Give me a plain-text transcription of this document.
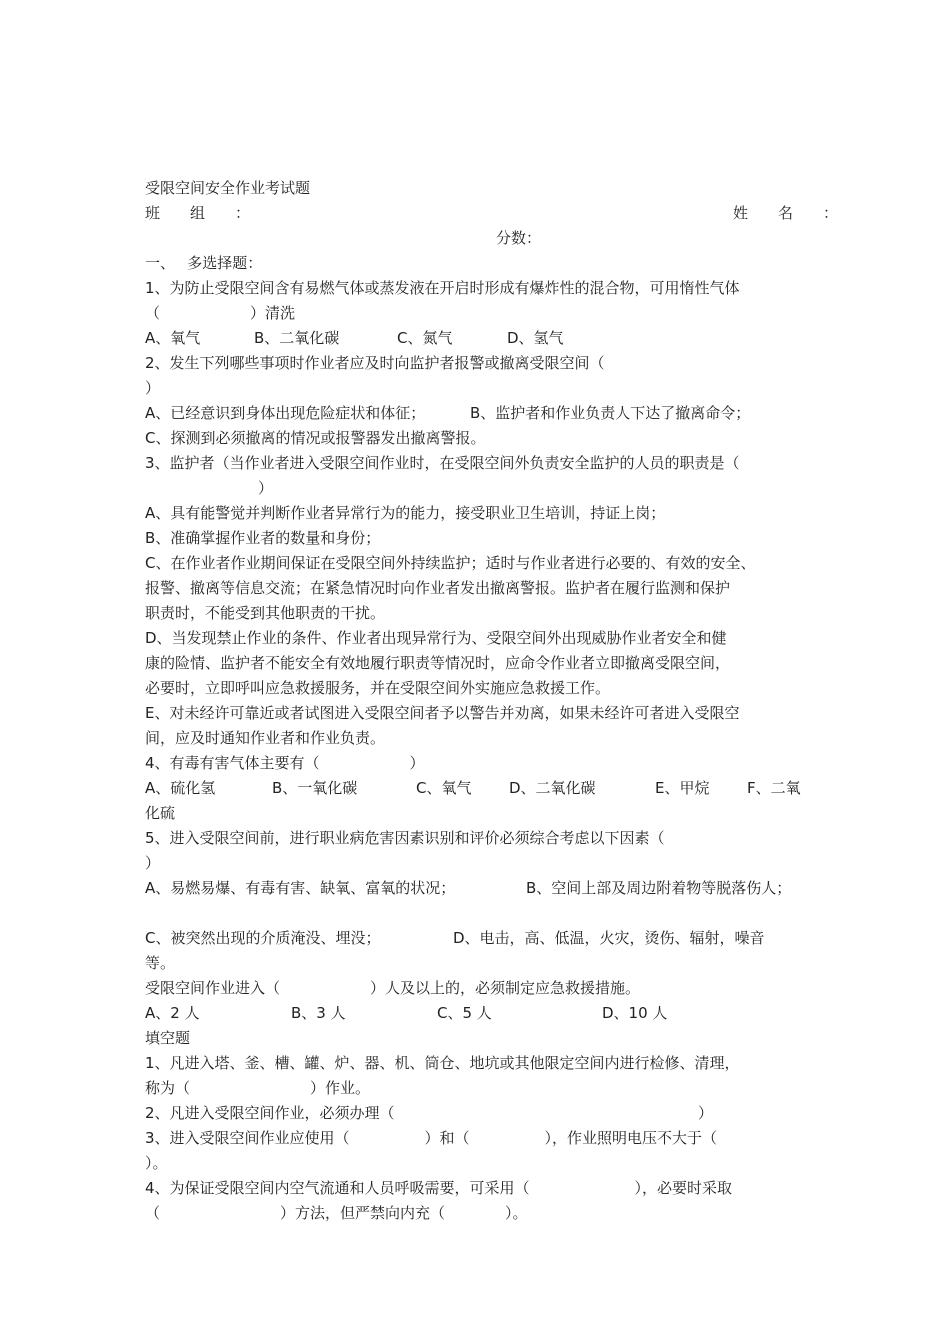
受限空间安全作业考试题
班　　组　　：	姓　　名　　：
分数：
一、　 多选择题：
1、为防止受限空间含有易燃气体或蒸发液在开启时形成有爆炸性的混合物，可用惰性气体
（　　　　　　）清洗
A、氧气	B、二氧化碳	C、氮气	D、氢气
2、发生下列哪些事项时作业者应及时向监护者报警或撤离受限空间（
）
A、已经意识到身体出现危险症状和体征；	B、监护者和作业负责人下达了撤离命令；
C、探测到必须撤离的情况或报警器发出撤离警报。
3、监护者（当作业者进入受限空间作业时，在受限空间外负责安全监护的人员的职责是（
）
A、具有能警觉并判断作业者异常行为的能力，接受职业卫生培训，持证上岗；
B、准确掌握作业者的数量和身份；
C、在作业者作业期间保证在受限空间外持续监护；适时与作业者进行必要的、有效的安全、
报警、撤离等信息交流；在紧急情况时向作业者发出撤离警报。监护者在履行监测和保护
职责时，不能受到其他职责的干扰。
D、当发现禁止作业的条件、作业者出现异常行为、受限空间外出现威胁作业者安全和健
康的险情、监护者不能安全有效地履行职责等情况时，应命令作业者立即撤离受限空间，
必要时，立即呼叫应急救援服务，并在受限空间外实施应急救援工作。
E、对未经许可靠近或者试图进入受限空间者予以警告并劝离，如果未经许可者进入受限空
间，应及时通知作业者和作业负责。
4、有毒有害气体主要有（　　　　　　）
A、硫化氢	B、一氧化碳	C、氧气	D、二氧化碳	E、甲烷	F、二氧
化硫
5、进入受限空间前，进行职业病危害因素识别和评价必须综合考虑以下因素（
）
A、易燃易爆、有毒有害、缺氧、富氧的状况；	B、空间上部及周边附着物等脱落伤人；
C、被突然出现的介质淹没、埋没；	D、电击，高、低温，火灾，烫伤、辐射，噪音
等。
受限空间作业进入（　　　　　　）人及以上的，必须制定应急救援措施。
A、2 人	B、3 人	C、5 人	D、10 人
填空题
1、凡进入塔、釜、槽、罐、炉、器、机、筒仓、地坑或其他限定空间内进行检修、清理，
称为（　　　　　　　　）作业。
2、凡进入受限空间作业，必须办理（	）
3、进入受限空间作业应使用（　　　　　）和（　　　　　），作业照明电压不大于（
）。
4、为保证受限空间内空气流通和人员呼吸需要，可采用（　　　　　　　），必要时采取
（　　　　　　　　）方法，但严禁向内充（　　　　）。
